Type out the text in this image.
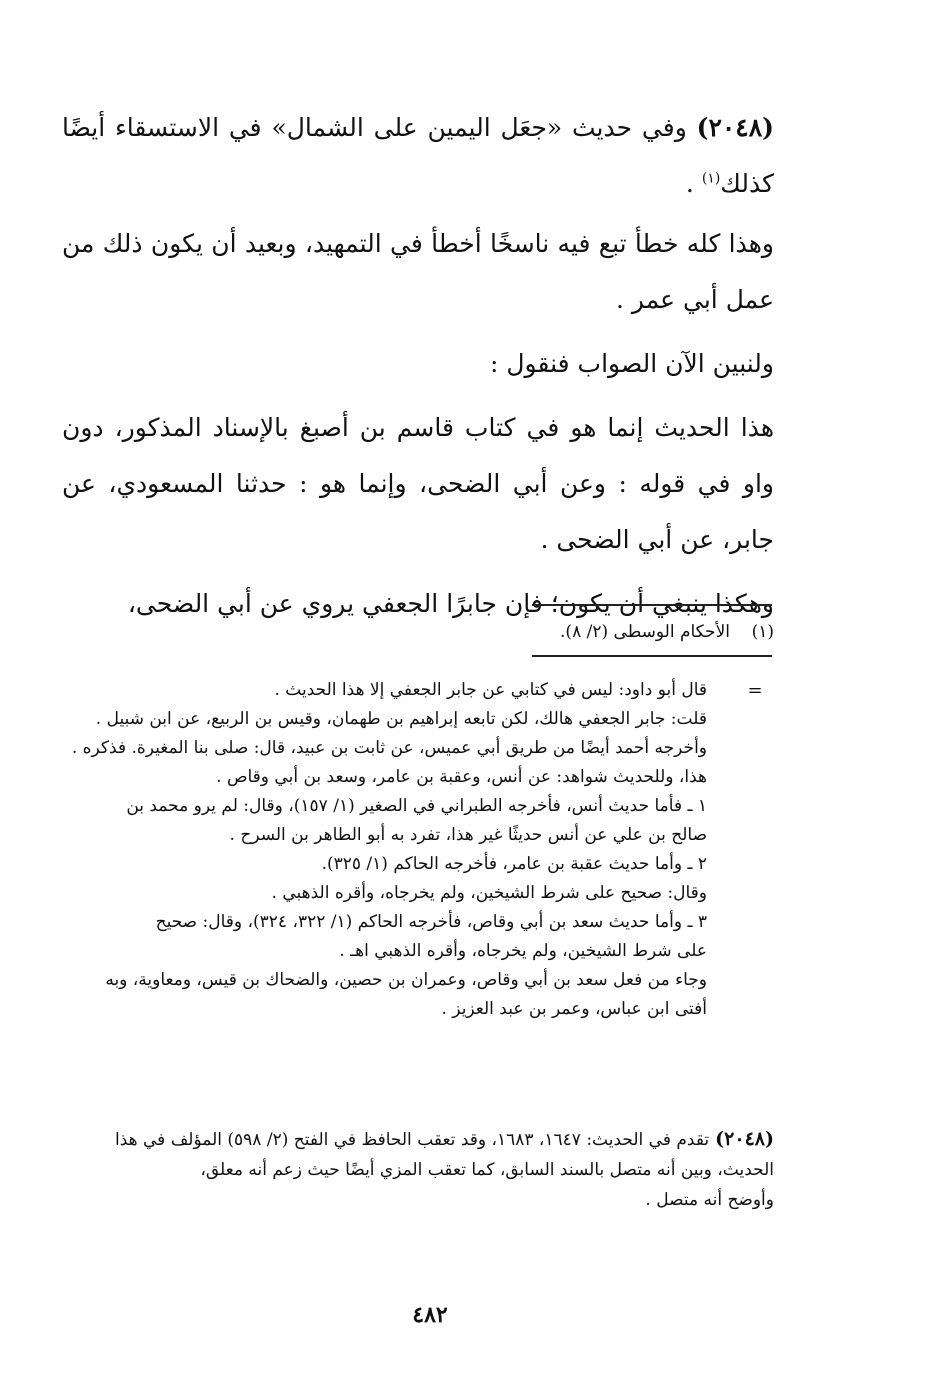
(٢٠٤٨) وفي حديث «جعَل اليمين على الشمال» في الاستسقاء أيضًا كذلك$^{(١)}$ .

وهذا كله خطأ تبع فيه ناسخًا أخطأ في التمهيد، وبعيد أن يكون ذلك من عمل أبي عمر .

ولنبين الآن الصواب فنقول :

هذا الحديث إنما هو في كتاب قاسم بن أصبغ بالإسناد المذكور، دون واو في قوله : وعن أبي الضحى، وإنما هو : حدثنا المسعودي، عن جابر، عن أبي الضحى .

وهكذا ينبغي أن يكون؛ فإن جابرًا الجعفي يروي عن أبي الضحى،

(١)الأحكام الوسطى (٢/ ٨).
=
قال أبو داود: ليس في كتابي عن جابر الجعفي إلا هذا الحديث .
قلت: جابر الجعفي هالك، لكن تابعه إبراهيم بن طهمان، وقيس بن الربيع، عن ابن شبيل .
وأخرجه أحمد أيضًا من طريق أبي عميس، عن ثابت بن عبيد، قال: صلى بنا المغيرة. فذكره .
هذا، وللحديث شواهد: عن أنس، وعقبة بن عامر، وسعد بن أبي وقاص .
١ ـ فأما حديث أنس، فأخرجه الطبراني في الصغير (١/ ١٥٧)، وقال: لم يرو محمد بن
صالح بن علي عن أنس حديثًا غير هذا، تفرد به أبو الطاهر بن السرح .
٢ ـ وأما حديث عقبة بن عامر، فأخرجه الحاكم (١/ ٣٢٥).
وقال: صحيح على شرط الشيخين، ولم يخرجاه، وأقره الذهبي .
٣ ـ وأما حديث سعد بن أبي وقاص، فأخرجه الحاكم (١/ ٣٢٢، ٣٢٤)، وقال: صحيح
على شرط الشيخين، ولم يخرجاه، وأقره الذهبي اهـ .
وجاء من فعل سعد بن أبي وقاص، وعمران بن حصين، والضحاك بن قيس، ومعاوية، وبه
أفتى ابن عباس، وعمر بن عبد العزيز .
(٢٠٤٨)تقدم في الحديث: ١٦٤٧، ١٦٨٣، وقد تعقب الحافظ في الفتح (٢/ ٥٩٨) المؤلف في هذا
الحديث، وبين أنه متصل بالسند السابق، كما تعقب المزي أيضًا حيث زعم أنه معلق،
وأوضح أنه متصل .
٤٨٢
